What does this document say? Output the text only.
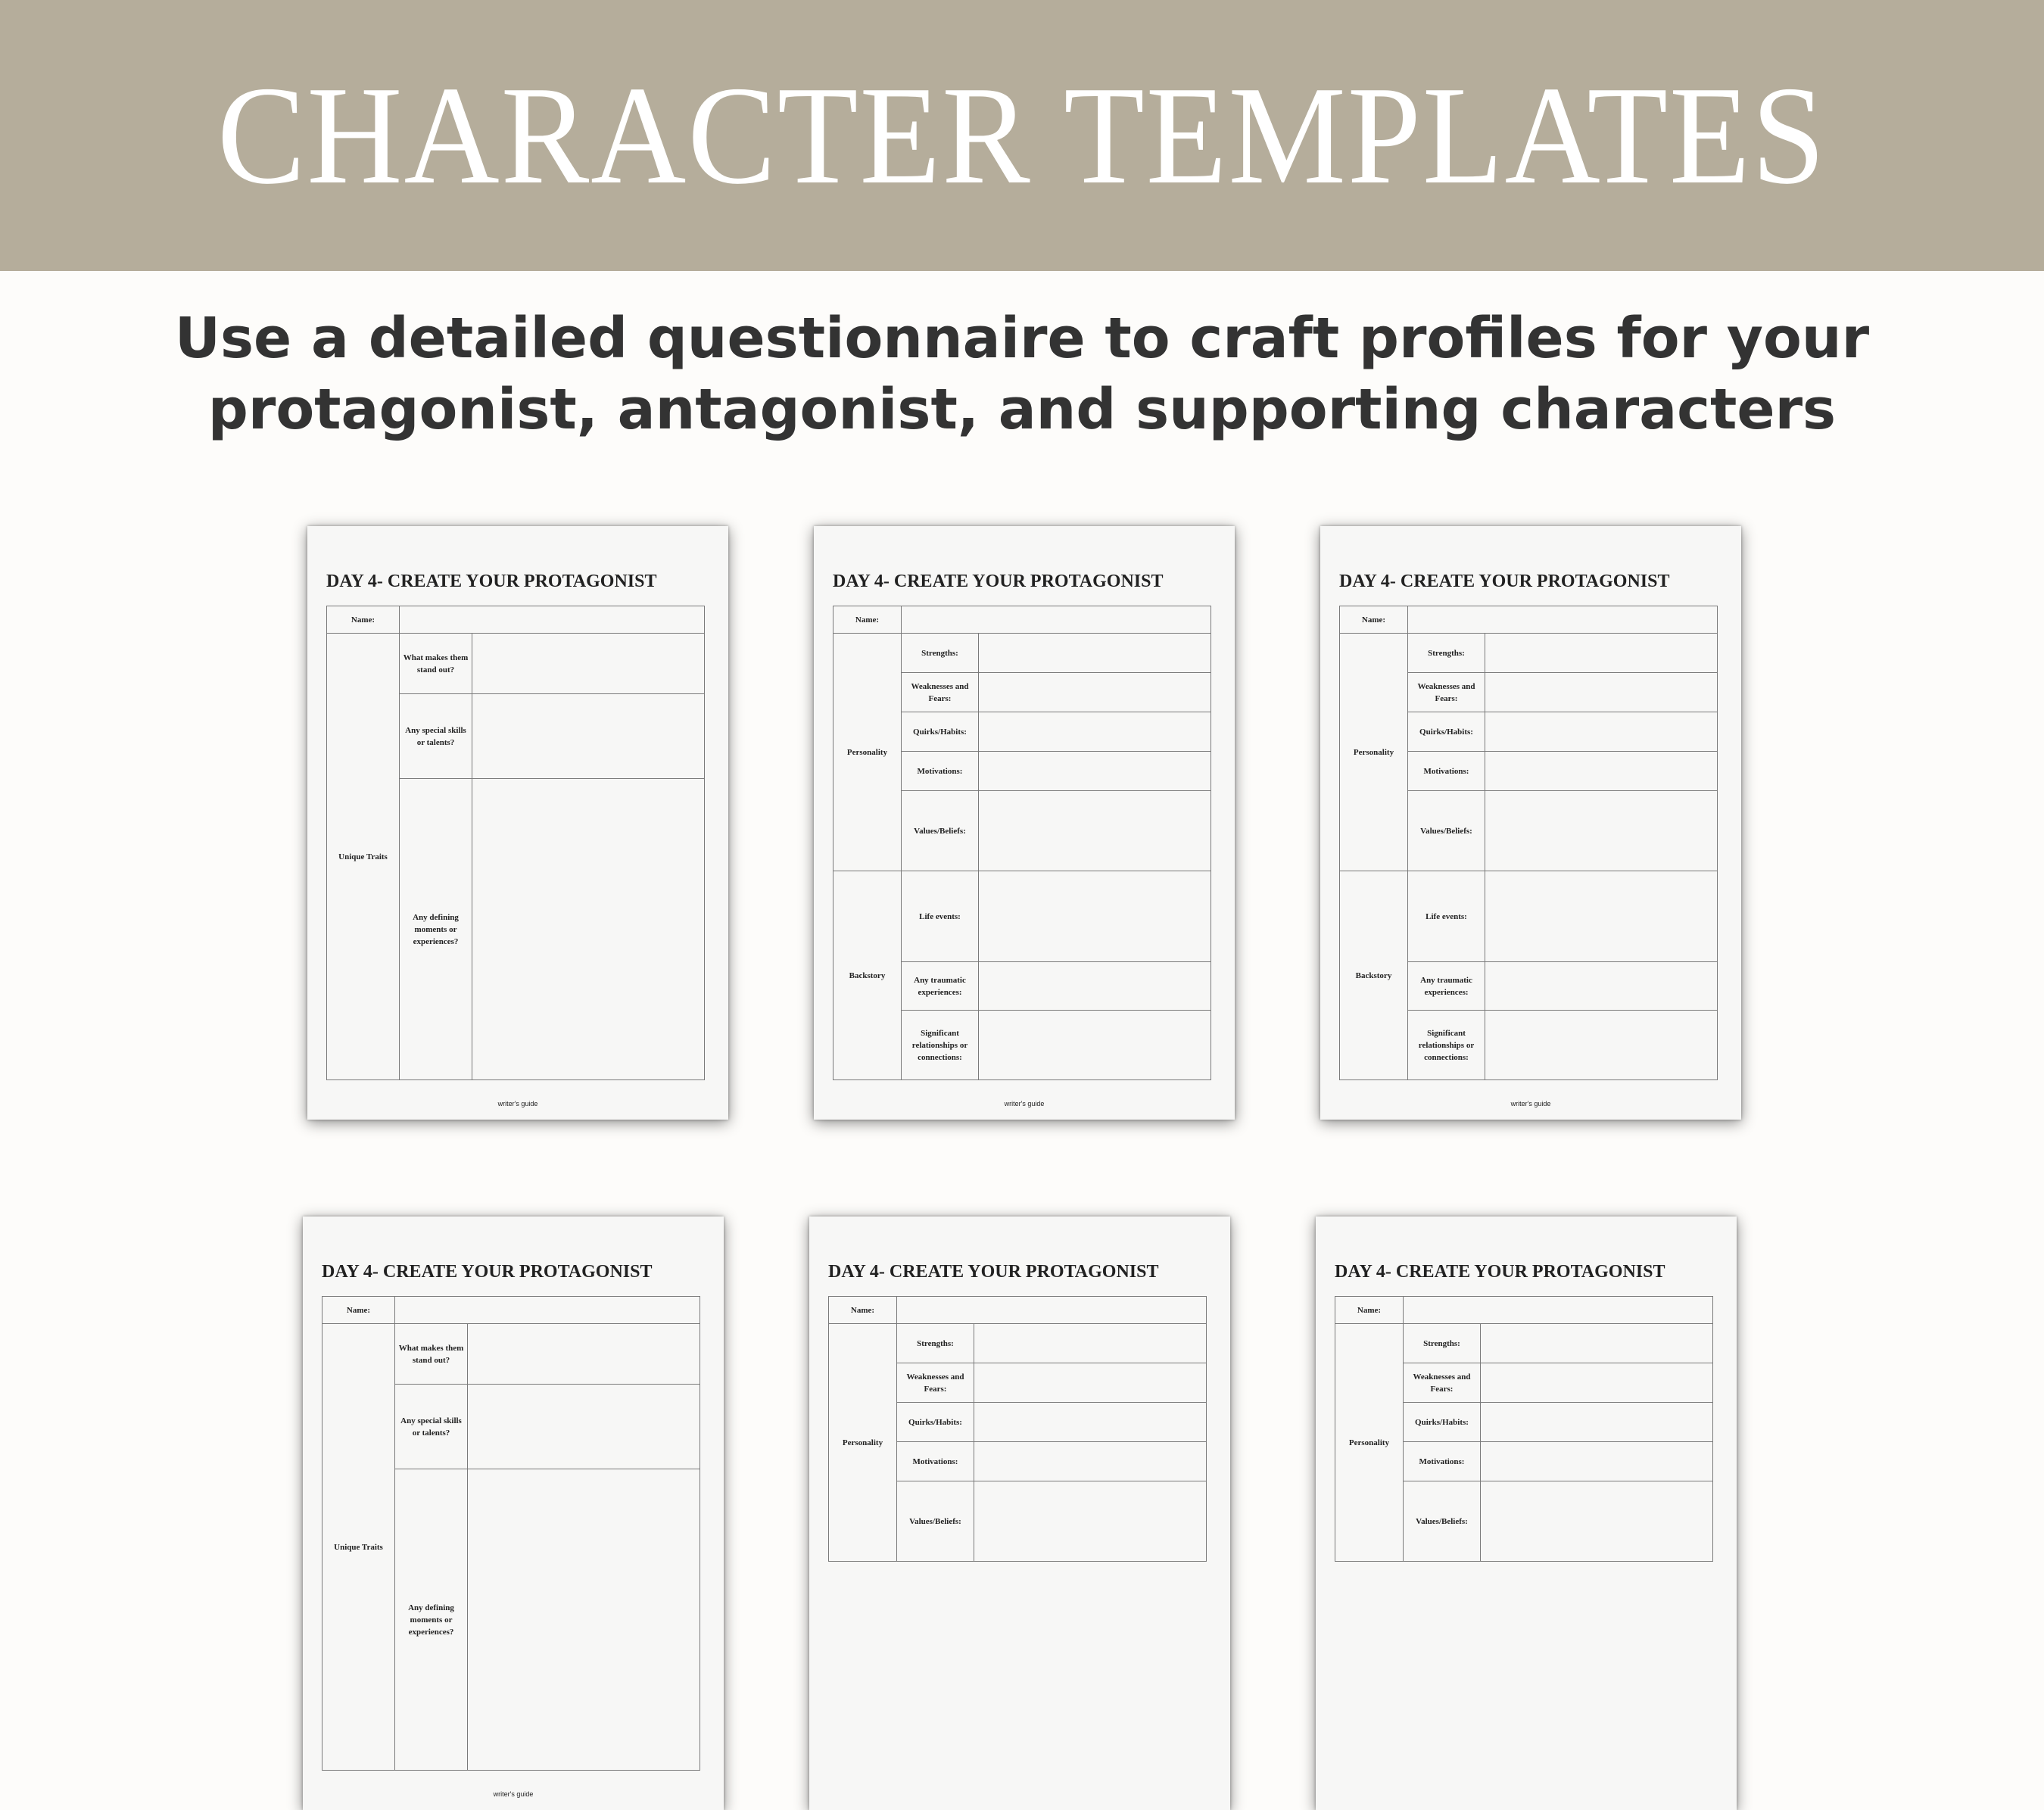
CHARACTER TEMPLATES
Use a detailed questionnaire to craft profiles for your
protagonist, antagonist, and supporting characters
DAY 4- CREATE YOUR PROTAGONIST
Name:		
Unique Traits	What makes them stand out?	
	Any special skills or talents?	
	Any defining moments or experiences?	
writer's guide
DAY 4- CREATE YOUR PROTAGONIST
Name:		
Personality	Strengths:	
	Weaknesses and Fears:	
	Quirks/Habits:	
	Motivations:	
	Values/Beliefs:	
Backstory	Life events:	
	Any traumatic experiences:	
	Significant relationships or connections:	
writer's guide
DAY 4- CREATE YOUR PROTAGONIST
Name:		
Personality	Strengths:	
	Weaknesses and Fears:	
	Quirks/Habits:	
	Motivations:	
	Values/Beliefs:	
Backstory	Life events:	
	Any traumatic experiences:	
	Significant relationships or connections:	
writer's guide
DAY 4- CREATE YOUR PROTAGONIST
Name:		
Unique Traits	What makes them stand out?	
	Any special skills or talents?	
	Any defining moments or experiences?	
writer's guide
DAY 4- CREATE YOUR PROTAGONIST
Name:		
Personality	Strengths:	
	Weaknesses and Fears:	
	Quirks/Habits:	
	Motivations:	
	Values/Beliefs:	
DAY 4- CREATE YOUR PROTAGONIST
Name:		
Personality	Strengths:	
	Weaknesses and Fears:	
	Quirks/Habits:	
	Motivations:	
	Values/Beliefs:	
